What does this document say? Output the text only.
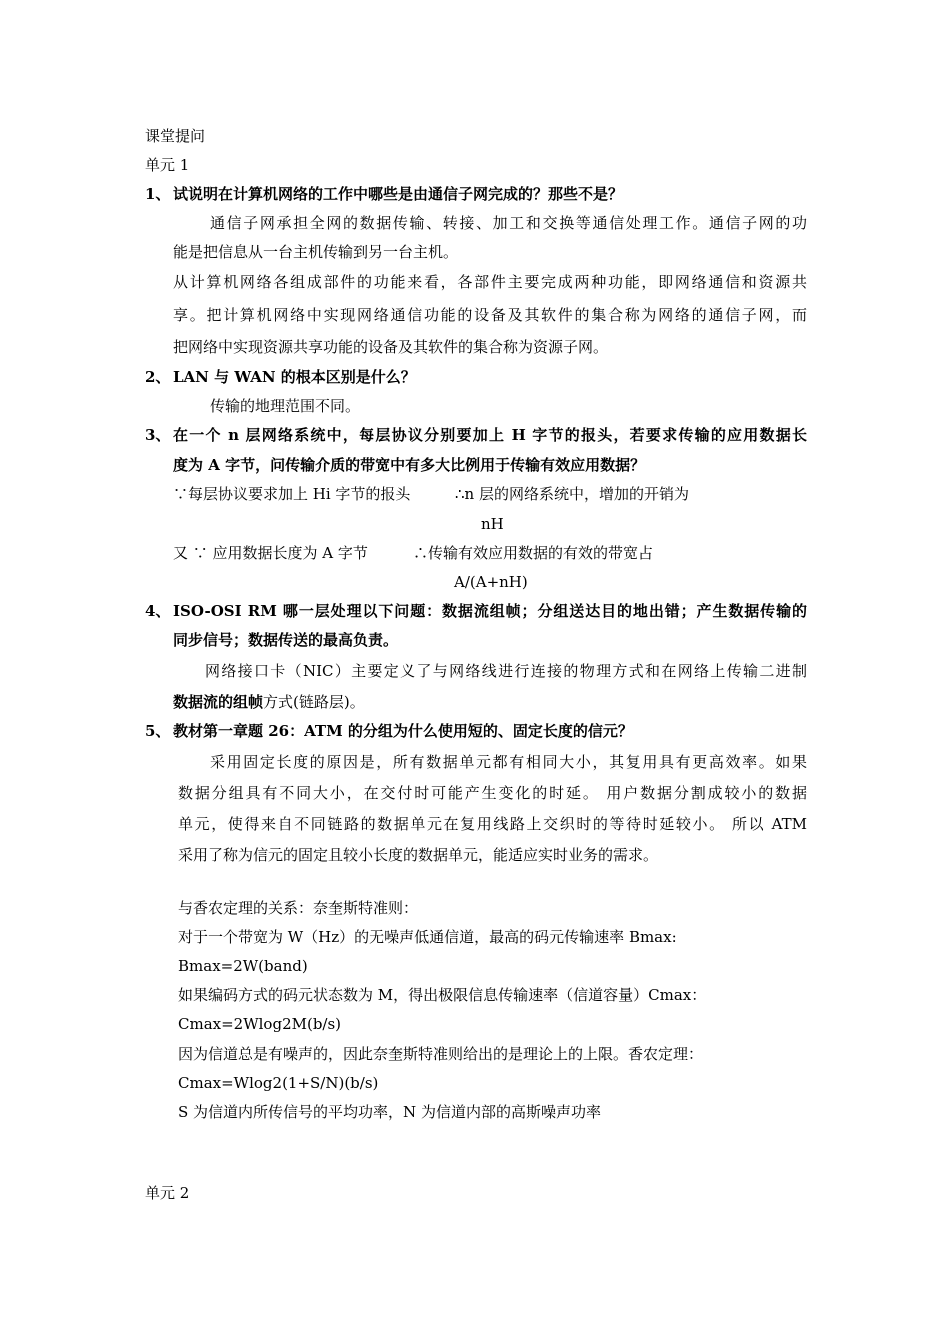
课堂提问
单元 1
1、 试说明在计算机网络的工作中哪些是由通信子网完成的？那些不是？
通信子网承担全网的数据传输、转接、加工和交换等通信处理工作。通信子网的功
能是把信息从一台主机传输到另一台主机。
从计算机网络各组成部件的功能来看，各部件主要完成两种功能，即网络通信和资源共
享。把计算机网络中实现网络通信功能的设备及其软件的集合称为网络的通信子网，而
把网络中实现资源共享功能的设备及其软件的集合称为资源子网。
2、 LAN 与 WAN 的根本区别是什么？
传输的地理范围不同。
3、 在一个 n 层网络系统中，每层协议分别要加上 H 字节的报头，若要求传输的应用数据长
度为 A 字节，问传输介质的带宽中有多大比例用于传输有效应用数据？
∵每层协议要求加上 Hi 字节的报头	∴n 层的网络系统中，增加的开销为
nH
又 ∵ 应用数据长度为 A 字节	∴传输有效应用数据的有效的带宽占
A/(A+nH)
4、 ISO-OSI RM 哪一层处理以下问题：数据流组帧；分组送达目的地出错；产生数据传输的
同步信号；数据传送的最高负责。
网络接口卡（NIC）主要定义了与网络线进行连接的物理方式和在网络上传输二进制
数据流的组帧方式(链路层)。
5、 教材第一章题 26：ATM 的分组为什么使用短的、固定长度的信元？
采用固定长度的原因是，所有数据单元都有相同大小，其复用具有更高效率。如果
数据分组具有不同大小，在交付时可能产生变化的时延。 用户数据分割成较小的数据
单元，使得来自不同链路的数据单元在复用线路上交织时的等待时延较小。 所以 ATM
采用了称为信元的固定且较小长度的数据单元，能适应实时业务的需求。
与香农定理的关系：奈奎斯特准则：
对于一个带宽为 W（Hz）的无噪声低通信道，最高的码元传输速率 Bmax:
Bmax=2W(band)
如果编码方式的码元状态数为 M，得出极限信息传输速率（信道容量）Cmax：
Cmax=2Wlog2M(b/s)
因为信道总是有噪声的，因此奈奎斯特准则给出的是理论上的上限。香农定理：
Cmax=Wlog2(1+S/N)(b/s)
S 为信道内所传信号的平均功率，N 为信道内部的高斯噪声功率
单元 2
